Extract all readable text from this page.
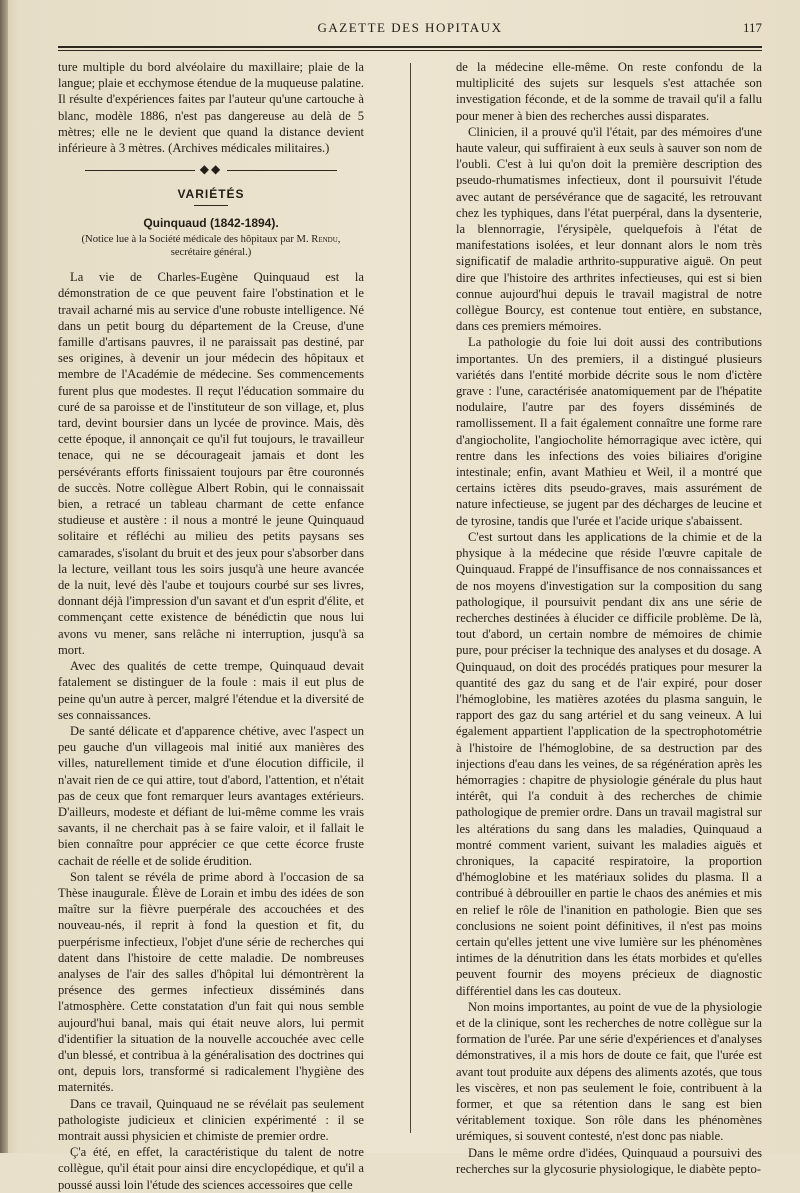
GAZETTE DES HOPITAUX	117

ture multiple du bord alvéolaire du maxillaire; plaie de la langue; plaie et ecchymose étendue de la muqueuse palatine. Il résulte d'expériences faites par l'auteur qu'une cartouche à blanc, modèle 1886, n'est pas dangereuse au delà de 5 mètres; elle ne le devient que quand la distance devient inférieure à 3 mètres. (Archives médicales militaires.)

◆◆
VARIÉTÉS
Quinquaud (1842-1894).
(Notice lue à la Société médicale des hôpitaux par M. Rendu, secrétaire général.)

La vie de Charles-Eugène Quinquaud est la démonstration de ce que peuvent faire l'obstination et le travail acharné mis au service d'une robuste intelligence. Né dans un petit bourg du département de la Creuse, d'une famille d'artisans pauvres, il ne paraissait pas destiné, par ses origines, à devenir un jour médecin des hôpitaux et membre de l'Académie de médecine. Ses commencements furent plus que modestes. Il reçut l'éducation sommaire du curé de sa paroisse et de l'instituteur de son village, et, plus tard, devint boursier dans un lycée de province. Mais, dès cette époque, il annonçait ce qu'il fut toujours, le travailleur tenace, qui ne se décourageait jamais et dont les persévérants efforts finissaient toujours par être couronnés de succès. Notre collègue Albert Robin, qui le connaissait bien, a retracé un tableau charmant de cette enfance studieuse et austère : il nous a montré le jeune Quinquaud solitaire et réfléchi au milieu des petits paysans ses camarades, s'isolant du bruit et des jeux pour s'absorber dans la lecture, veillant tous les soirs jusqu'à une heure avancée de la nuit, levé dès l'aube et toujours courbé sur ses livres, donnant déjà l'impression d'un savant et d'un esprit d'élite, et commençant cette existence de bénédictin que nous lui avons vu mener, sans relâche ni interruption, jusqu'à sa mort.

Avec des qualités de cette trempe, Quinquaud devait fatalement se distinguer de la foule : mais il eut plus de peine qu'un autre à percer, malgré l'étendue et la diversité de ses connaissances.

De santé délicate et d'apparence chétive, avec l'aspect un peu gauche d'un villageois mal initié aux manières des villes, naturellement timide et d'une élocution difficile, il n'avait rien de ce qui attire, tout d'abord, l'attention, et n'était pas de ceux que font remarquer leurs avantages extérieurs. D'ailleurs, modeste et défiant de lui-même comme les vrais savants, il ne cherchait pas à se faire valoir, et il fallait le bien connaître pour apprécier ce que cette écorce fruste cachait de réelle et de solide érudition.

Son talent se révéla de prime abord à l'occasion de sa Thèse inaugurale. Élève de Lorain et imbu des idées de son maître sur la fièvre puerpérale des accouchées et des nouveau-nés, il reprit à fond la question et fit, du puerpérisme infectieux, l'objet d'une série de recherches qui datent dans l'histoire de cette maladie. De nombreuses analyses de l'air des salles d'hôpital lui démontrèrent la présence des germes infectieux disséminés dans l'atmosphère. Cette constatation d'un fait qui nous semble aujourd'hui banal, mais qui était neuve alors, lui permit d'identifier la situation de la nouvelle accouchée avec celle d'un blessé, et contribua à la généralisation des doctrines qui ont, depuis lors, transformé si radicalement l'hygiène des maternités.

Dans ce travail, Quinquaud ne se révélait pas seulement pathologiste judicieux et clinicien expérimenté : il se montrait aussi physicien et chimiste de premier ordre.

Ç'a été, en effet, la caractéristique du talent de notre collègue, qu'il était pour ainsi dire encyclopédique, et qu'il a poussé aussi loin l'étude des sciences accessoires que celle

de la médecine elle-même. On reste confondu de la multiplicité des sujets sur lesquels s'est attachée son investigation féconde, et de la somme de travail qu'il a fallu pour mener à bien des recherches aussi disparates.

Clinicien, il a prouvé qu'il l'était, par des mémoires d'une haute valeur, qui suffiraient à eux seuls à sauver son nom de l'oubli. C'est à lui qu'on doit la première description des pseudo-rhumatismes infectieux, dont il poursuivit l'étude avec autant de persévérance que de sagacité, les retrouvant chez les typhiques, dans l'état puerpéral, dans la dysenterie, la blennorragie, l'érysipèle, quelquefois à l'état de manifestations isolées, et leur donnant alors le nom très significatif de maladie arthrito-suppurative aiguë. On peut dire que l'histoire des arthrites infectieuses, qui est si bien connue aujourd'hui depuis le travail magistral de notre collègue Bourcy, est contenue tout entière, en substance, dans ces premiers mémoires.

La pathologie du foie lui doit aussi des contributions importantes. Un des premiers, il a distingué plusieurs variétés dans l'entité morbide décrite sous le nom d'ictère grave : l'une, caractérisée anatomiquement par de l'hépatite nodulaire, l'autre par des foyers disséminés de ramollissement. Il a fait également connaître une forme rare d'angiocholite, l'angiocholite hémorragique avec ictère, qui rentre dans les infections des voies biliaires d'origine intestinale; enfin, avant Mathieu et Weil, il a montré que certains ictères dits pseudo-graves, mais assurément de nature infectieuse, se jugent par des décharges de leucine et de tyrosine, tandis que l'urée et l'acide urique s'abaissent.

C'est surtout dans les applications de la chimie et de la physique à la médecine que réside l'œuvre capitale de Quinquaud. Frappé de l'insuffisance de nos connaissances et de nos moyens d'investigation sur la composition du sang pathologique, il poursuivit pendant dix ans une série de recherches destinées à élucider ce difficile problème. De là, tout d'abord, un certain nombre de mémoires de chimie pure, pour préciser la technique des analyses et du dosage. A Quinquaud, on doit des procédés pratiques pour mesurer la quantité des gaz du sang et de l'air expiré, pour doser l'hémoglobine, les matières azotées du plasma sanguin, le rapport des gaz du sang artériel et du sang veineux. A lui également appartient l'application de la spectrophotométrie à l'histoire de l'hémoglobine, de sa destruction par des injections d'eau dans les veines, de sa régénération après les hémorragies : chapitre de physiologie générale du plus haut intérêt, qui l'a conduit à des recherches de chimie pathologique de premier ordre. Dans un travail magistral sur les altérations du sang dans les maladies, Quinquaud a montré comment varient, suivant les maladies aiguës et chroniques, la capacité respiratoire, la proportion d'hémoglobine et les matériaux solides du plasma. Il a contribué à débrouiller en partie le chaos des anémies et mis en relief le rôle de l'inanition en pathologie. Bien que ses conclusions ne soient point définitives, il n'est pas moins certain qu'elles jettent une vive lumière sur les phénomènes intimes de la dénutrition dans les états morbides et qu'elles peuvent fournir des moyens précieux de diagnostic différentiel dans les cas douteux.

Non moins importantes, au point de vue de la physiologie et de la clinique, sont les recherches de notre collègue sur la formation de l'urée. Par une série d'expériences et d'analyses démonstratives, il a mis hors de doute ce fait, que l'urée est avant tout produite aux dépens des aliments azotés, que tous les viscères, et non pas seulement le foie, contribuent à la former, et que sa rétention dans le sang est bien véritablement toxique. Son rôle dans les phénomènes urémiques, si souvent contesté, n'est donc pas niable.

Dans le même ordre d'idées, Quinquaud a poursuivi des recherches sur la glycosurie physiologique, le diabète pepto-
